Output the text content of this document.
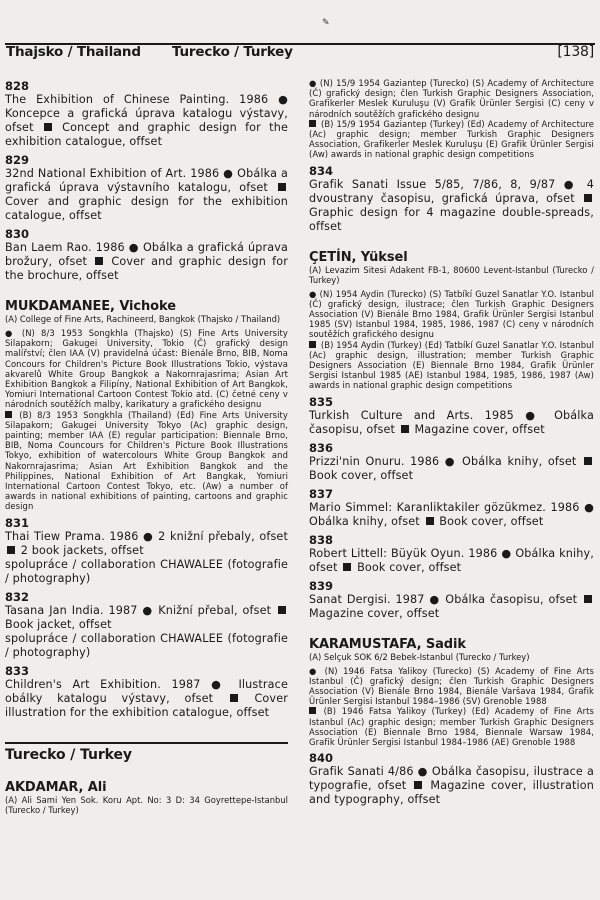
✎
Thajsko / Thailand Turecko / Turkey	[138]
828
The Exhibition of Chinese Painting. 1986 ● Koncepce a grafická úprava katalogu výstavy, ofset	Concept and graphic design for the exhibition catalogue, offset
829
32nd National Exhibition of Art. 1986 ● Obálka a grafická úprava výstavního katalogu, ofset  Cover and graphic design for the exhibition catalogue, offset
830
Ban Laem Rao. 1986 ● Obálka a grafická úprava brožury, ofset Cover and graphic design for the brochure, offset
MUKDAMANEE, Vichoke
(A) College of Fine Arts, Rachineerd, Bangkok (Thajsko / Thailand)
● (N) 8/3 1953 Songkhla (Thajsko) (S) Fine Arts University Silapakorn; Gakugei University, Tokio (Č) grafický design malířství; člen IAA (V) pravidelná účast: Bienále Brno, BIB, Noma Concours for Children's Picture Book Illustrations Tokio, výstava akvarelů White Group Bangkok a Nakornrajasrima; Asian Art Exhibition Bangkok a Filipíny, National Exhibition of Art Bangkok, Yomiuri International Cartoon Contest Tokio atd. (C) četné ceny v národních soutěžích malby, karikatury a grafického designu
(B) 8/3 1953 Songkhla (Thailand) (Ed) Fine Arts University Silapakorn; Gakugei University Tokyo (Ac) graphic design, painting; member IAA (E) regular participation: Biennale Brno, BIB, Noma Councours for Children's Picture Book Illustrations Tokyo, exhibition of watercolours White Group Bangkok and Nakornrajasrima; Asian Art Exhibition Bangkok and the Philippines, National Exhibition of Art Bangkak, Yomiuri International Cartoon Contest Tokyo, etc. (Aw) a number of awards in national exhibitions of painting, cartoons and graphic design
831
Thai Tiew Prama. 1986 ● 2 knižní přebaly, ofset  2 book jackets, offset
spolupráce / collaboration CHAWALEE (fotografie / photography)
832
Tasana Jan India. 1987 ● Knižní přebal, ofset  Book jacket, offset
spolupráce / collaboration CHAWALEE (fotografie / photography)
833
Children's Art Exhibition. 1987 ● Ilustrace obálky katalogu výstavy, ofset	Cover illustration for the exhibition catalogue, offset
Turecko / Turkey
AKDAMAR, Ali
(A) Ali Sami Yen Sok. Koru Apt. No: 3 D: 34 Goyrettepe-Istanbul (Turecko / Turkey)
● (N) 15/9 1954 Gaziantep (Turecko) (S) Academy of Architecture (Č) grafický design; člen Turkish Graphic Designers Association, Grafikerler Meslek Kuruluşu (V) Grafik Ürünler Sergisi (C) ceny v národních soutěžích grafického designu
(B) 15/9 1954 Gaziantep (Turkey) (Ed) Academy of Architecture (Ac) graphic design; member Turkish Graphic Designers Association, Grafikerler Meslek Kuruluşu (E) Grafik Ürünler Sergisi (Aw) awards in national graphic design competitions
834
Grafik Sanati Issue 5/85, 7/86, 8, 9/87 ● 4 dvoustrany časopisu, grafická úprava, ofset  Graphic design for 4 magazine double-spreads, offset
ÇETİN, Yüksel
(A) Levazim Sitesi Adakent FB-1, 80600 Levent-Istanbul (Turecko / Turkey)
● (N) 1954 Aydin (Turecko) (S) Tatbíkí Guzel Sanatlar Y.O. Istanbul (Č) grafický design, ilustrace; člen Turkish Graphic Designers Association (V) Bienále Brno 1984, Grafik Ürünler Sergisi Istanbul 1985 (SV) Istanbul 1984, 1985, 1986, 1987 (C) ceny v národních soutěžích grafického designu
(B) 1954 Aydin (Turkey) (Ed) Tatbíkí Guzel Sanatlar Y.O. Istanbul (Ac) graphic design, illustration; member Turkish Graphic Designers Association (E) Biennale Brno 1984, Grafik Ürünler Sergisi Istanbul 1985 (AE) Istanbul 1984, 1985, 1986, 1987 (Aw) awards in national graphic design competitions
835
Turkish Culture and Arts. 1985 ● Obálka časopisu, ofset Magazine cover, offset
836
Prizzi'nin Onuru. 1986 ● Obálka knihy, ofset  Book cover, offset
837
Mario Simmel: Karanliktakiler gözükmez. 1986 ● Obálka knihy, ofset Book cover, offset
838
Robert Littell: Büyük Oyun. 1986 ● Obálka knihy, ofset Book cover, offset
839
Sanat Dergisi. 1987 ● Obálka časopisu, ofset  Magazine cover, offset
KARAMUSTAFA, Sadik
(A) Selçuk SOK 6/2 Bebek-Istanbul (Turecko / Turkey)
● (N) 1946 Fatsa Yalikoy (Turecko) (S) Academy of Fine Arts Istanbul (Č) grafický design; člen Turkish Graphic Designers Association (V) Bienále Brno 1984, Bienále Varšava 1984, Grafik Ürünler Sergisi Istanbul 1984–1986 (SV) Grenoble 1988
(B) 1946 Fatsa Yalikoy (Turkey) (Ed) Academy of Fine Arts Istanbul (Ac) graphic design; member Turkish Graphic Designers Association (E) Biennale Brno 1984, Biennale Warsaw 1984, Grafik Ürünler Sergisi Istanbul 1984–1986 (AE) Grenoble 1988
840
Grafik Sanati 4/86 ● Obálka časopisu, ilustrace a typografie, ofset Magazine cover, illustration and typography, offset
